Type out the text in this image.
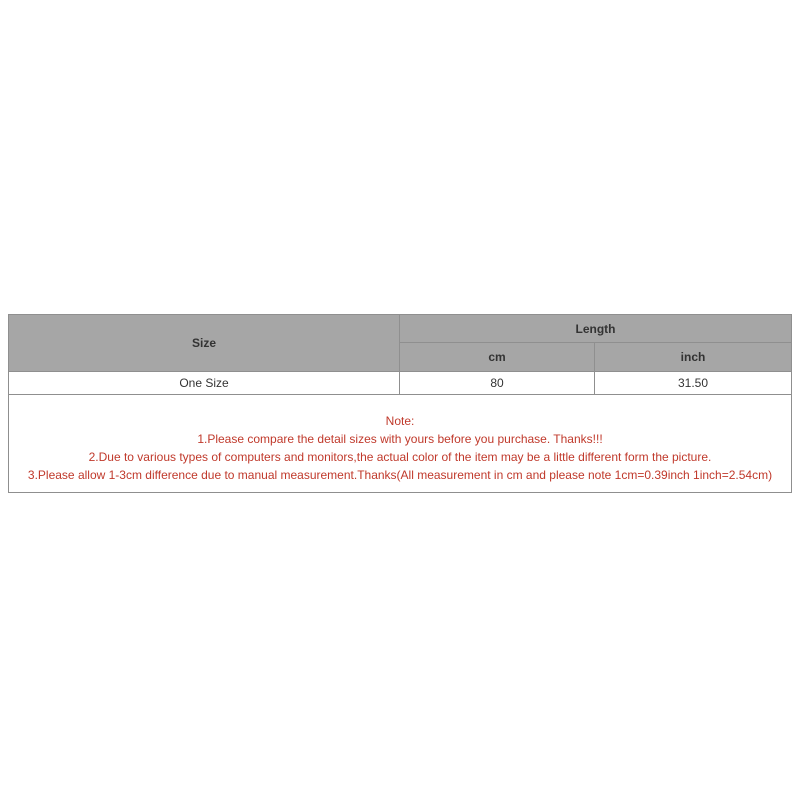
Size	Length	
	cm	inch
One Size	80	31.50

Note:
1.Please compare the detail sizes with yours before you purchase. Thanks!!!
2.Due to various types of computers and monitors,the actual color of the item may be a little different form the picture.
3.Please allow 1-3cm difference due to manual measurement.Thanks(All measurement in cm and please note 1cm=0.39inch 1inch=2.54cm)		
